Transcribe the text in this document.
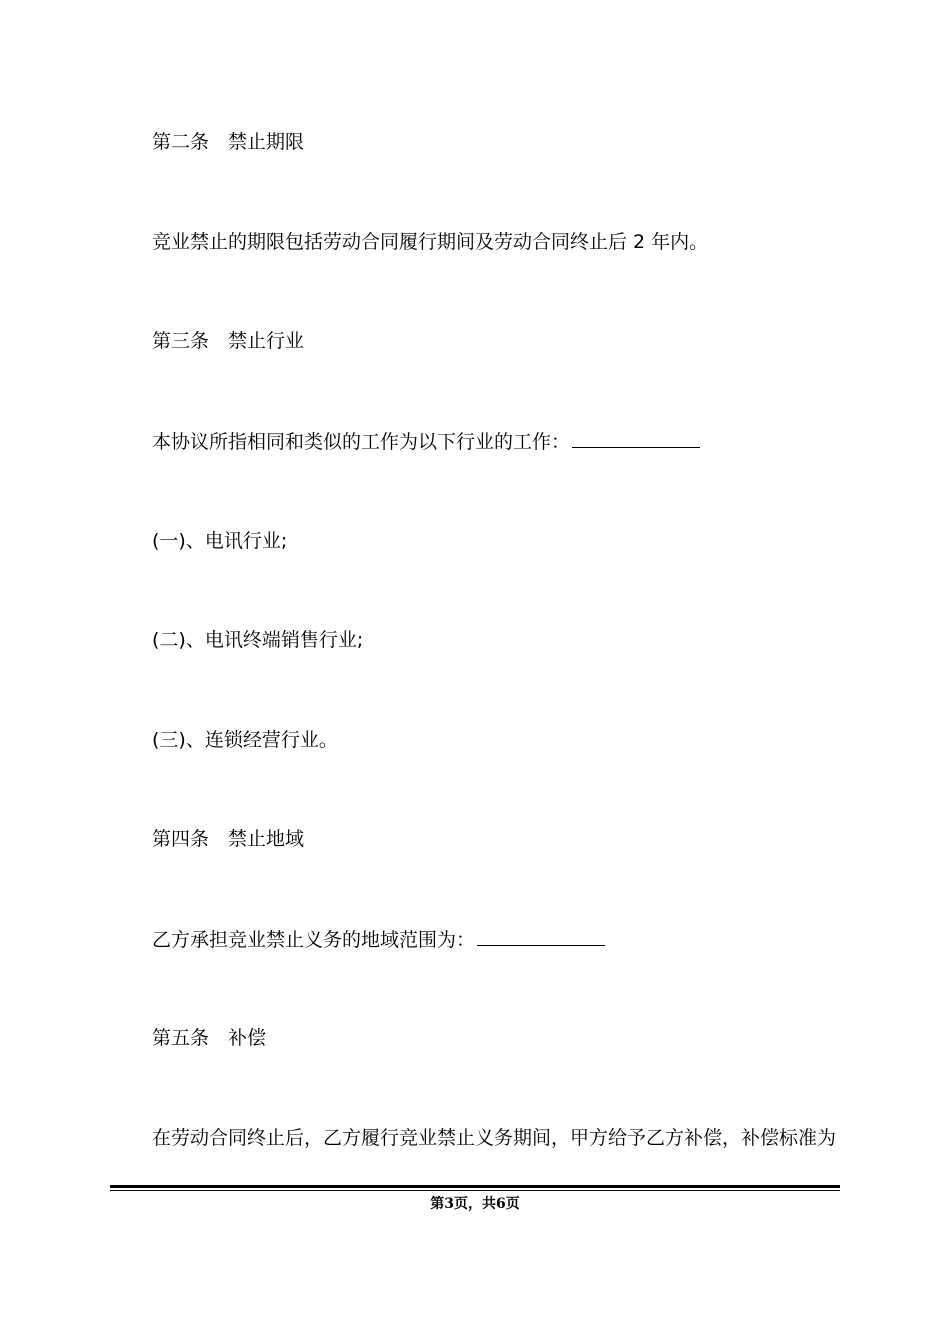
第二条　禁止期限
竞业禁止的期限包括劳动合同履行期间及劳动合同终止后 2 年内。
第三条　禁止行业
本协议所指相同和类似的工作为以下行业的工作：
(一)、电讯行业;
(二)、电讯终端销售行业;
(三)、连锁经营行业。
第四条　禁止地域
乙方承担竞业禁止义务的地域范围为：
第五条　补偿
在劳动合同终止后，乙方履行竞业禁止义务期间，甲方给予乙方补偿，补偿标准为
第3页，共6页
